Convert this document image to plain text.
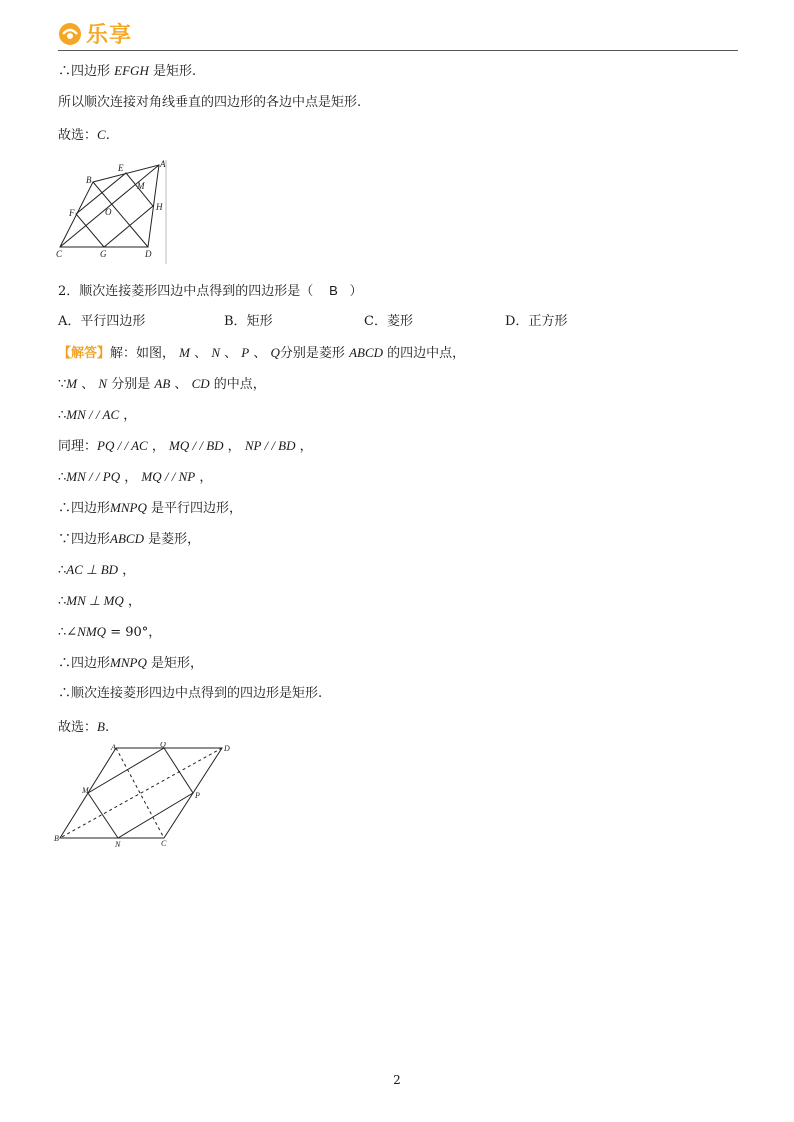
乐享
∴四边形 EFGH 是矩形.
所以顺次连接对角线垂直的四边形的各边中点是矩形.
故选：C.
A
B
C	D
E
F
G
H
M
O
2．顺次连接菱形四边中点得到的四边形是（ B ）
A．平行四边形	B．矩形	C．菱形	D．正方形
【解答】解：如图， M 、 N 、 P 、 Q分别是菱形 ABCD 的四边中点，
∵M 、 N 分别是 AB 、 CD 的中点，
∴MN / / AC ，
同理：PQ / / AC ， MQ / / BD ， NP / / BD ，
∴MN / / PQ ， MQ / / NP ，
∴四边形MNPQ 是平行四边形，
∵四边形ABCD 是菱形，
∴AC ⊥ BD ，
∴MN ⊥ MQ ，
∴∠NMQ = 90°，
∴四边形MNPQ 是矩形，
∴顺次连接菱形四边中点得到的四边形是矩形.
故选：B.
A
B
C
D
M
N
P
Q
2
